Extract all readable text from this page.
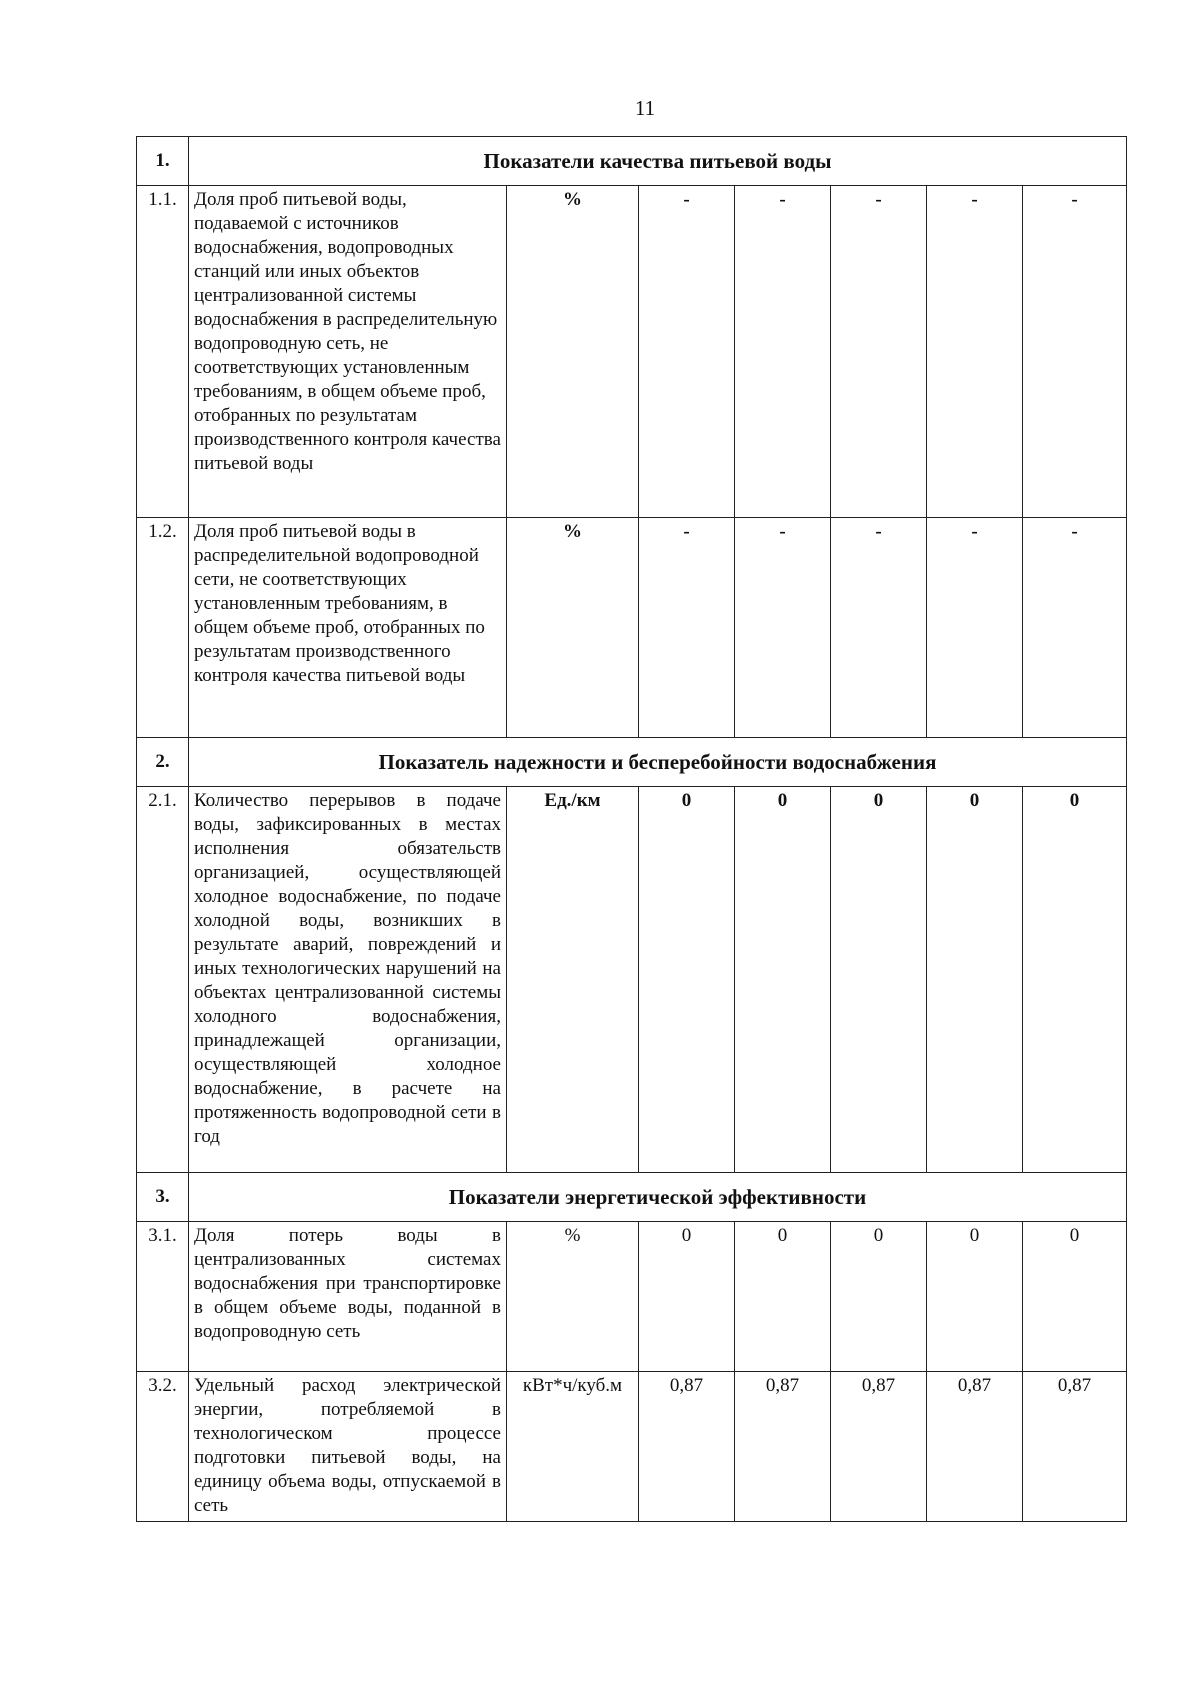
11
1.	Показатели качества питьевой воды						
1.1.	Доля проб питьевой воды, подаваемой с источников водоснабжения, водопроводных станций или иных объектов централизованной системы водоснабжения в распределительную водопроводную сеть, не соответствующих установленным требованиям, в общем объеме проб, отобранных по результатам производственного контроля качества питьевой воды	%	-	-	-	-	-
1.2.	Доля проб питьевой воды в распределительной водопроводной сети, не соответствующих установленным требованиям, в общем объеме проб, отобранных по результатам производственного контроля качества питьевой воды	%	-	-	-	-	-
2.	Показатель надежности и бесперебойности водоснабжения						
2.1.	Количество перерывов в подаче воды, зафиксированных в местах исполнения обязательств организацией, осуществляющей холодное водоснабжение, по подаче холодной воды, возникших в результате аварий, повреждений и иных технологических нарушений на объектах централизованной системы холодного водоснабжения, принадлежащей организации, осуществляющей холодное водоснабжение, в расчете на протяженность водопроводной сети в год	Ед./км	0	0	0	0	0
3.	Показатели энергетической эффективности						
3.1.	Доля потерь воды в централизованных системах водоснабжения при транспортировке в общем объеме воды, поданной в водопроводную сеть	%	0	0	0	0	0
3.2.	Удельный расход электрической энергии, потребляемой в технологическом процессе подготовки питьевой воды, на единицу объема воды, отпускаемой в сеть	кВт*ч/куб.м	0,87	0,87	0,87	0,87	0,87
